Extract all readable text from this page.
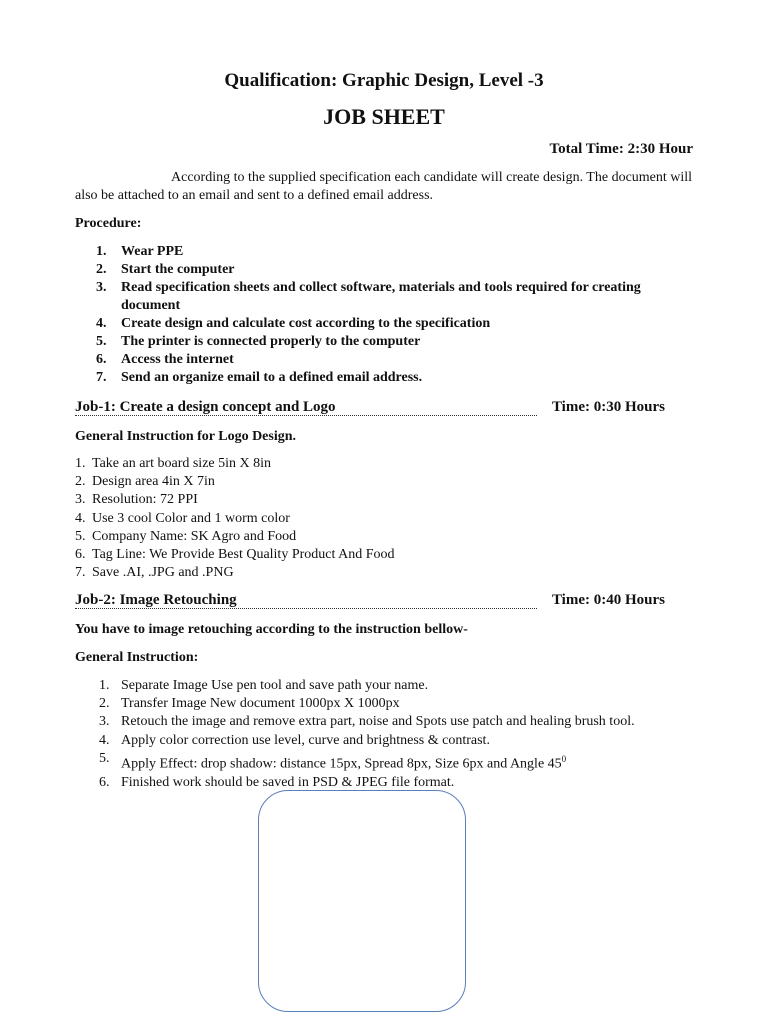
Qualification: Graphic Design, Level -3
JOB SHEET
Total Time: 2:30 Hour
According to the supplied specification each candidate will create design. The document will also be attached to an email and sent to a defined email address.
Procedure:
1. Wear PPE
2. Start the computer
3. Read specification sheets and collect software, materials and tools required for creating document
4. Create design and calculate cost according to the specification
5. The printer is connected properly to the computer
6. Access the internet
7. Send an organize email to a defined email address.
Job-1: Create a design concept and Logo	Time: 0:30 Hours
General Instruction for Logo Design.
1. Take an art board size 5in X 8in
2. Design area 4in X 7in
3. Resolution: 72 PPI
4. Use 3 cool Color and 1 worm color
5. Company Name: SK Agro and Food
6. Tag Line: We Provide Best Quality Product And Food
7. Save .AI, .JPG and .PNG
Job-2: Image Retouching	Time: 0:40 Hours
You have to image retouching according to the instruction bellow-
General Instruction:
1. Separate Image Use pen tool and save path your name.
2. Transfer Image New document 1000px X 1000px
3. Retouch the image and remove extra part, noise and Spots use patch and healing brush tool.
4. Apply color correction use level, curve and brightness & contrast.
5. Apply Effect: drop shadow: distance 15px, Spread 8px, Size 6px and Angle $45^0$
6. Finished work should be saved in PSD & JPEG file format.
